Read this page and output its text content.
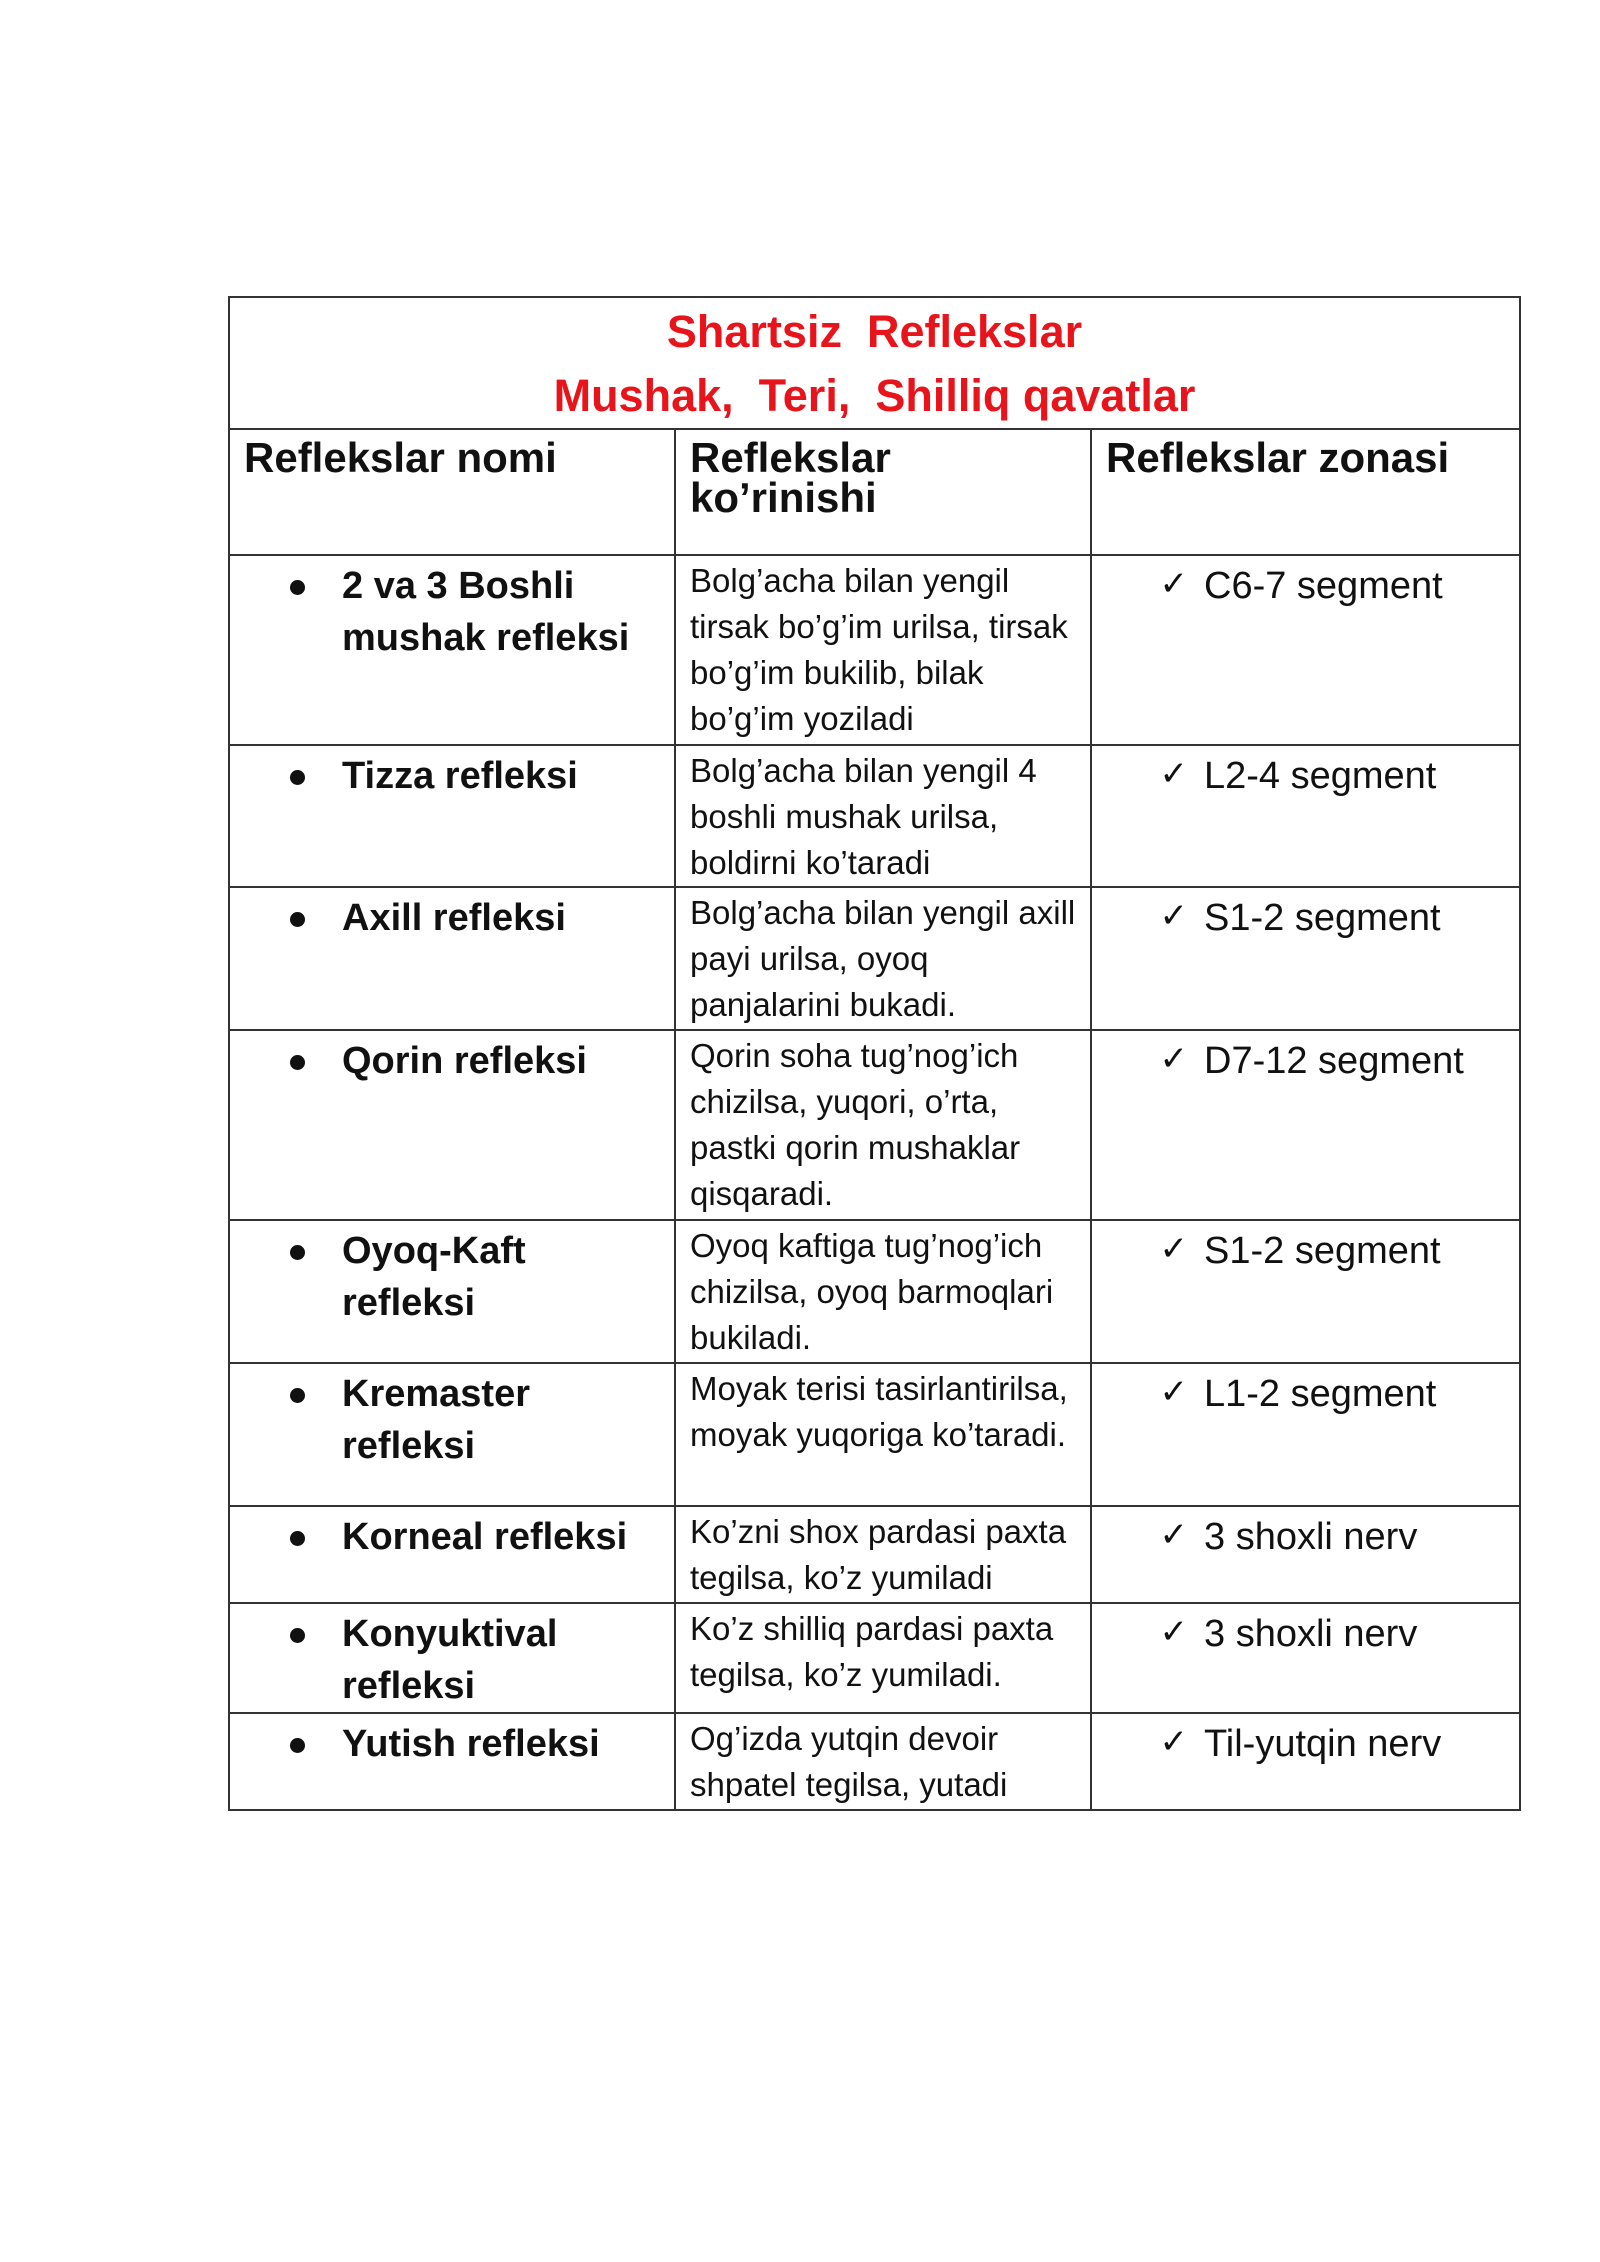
Shartsiz  Reflekslar
Mushak,  Teri,  Shilliq qavatlar		

Reflekslar nomi	Reflekslar ko’rinishi	Reflekslar zonasi

2 va 3 Boshli mushak refleksi	Bolg’acha bilan yengil tirsak bo’g’im urilsa, tirsak bo’g’im bukilib, bilak bo’g’im yoziladi	✓ C6-7 segment

Tizza refleksi	Bolg’acha bilan yengil 4 boshli mushak urilsa, boldirni ko’taradi	✓ L2-4 segment

Axill refleksi	Bolg’acha bilan yengil axill payi urilsa, oyoq panjalarini bukadi.	✓ S1-2 segment

Qorin refleksi	Qorin soha tug’nog’ich chizilsa, yuqori, o’rta, pastki qorin mushaklar qisqaradi.	✓ D7-12 segment

Oyoq-Kaft refleksi	Oyoq kaftiga tug’nog’ich chizilsa, oyoq barmoqlari bukiladi.	✓ S1-2 segment

Kremaster refleksi	Moyak terisi tasirlantirilsa, moyak yuqoriga ko’taradi.	✓ L1-2 segment

Korneal refleksi	Ko’zni shox pardasi paxta tegilsa, ko’z yumiladi	✓ 3 shoxli nerv

Konyuktival refleksi	Ko’z shilliq pardasi paxta tegilsa, ko’z yumiladi.	✓ 3 shoxli nerv

Yutish refleksi	Og’izda yutqin devoir shpatel tegilsa, yutadi	✓ Til-yutqin nerv
